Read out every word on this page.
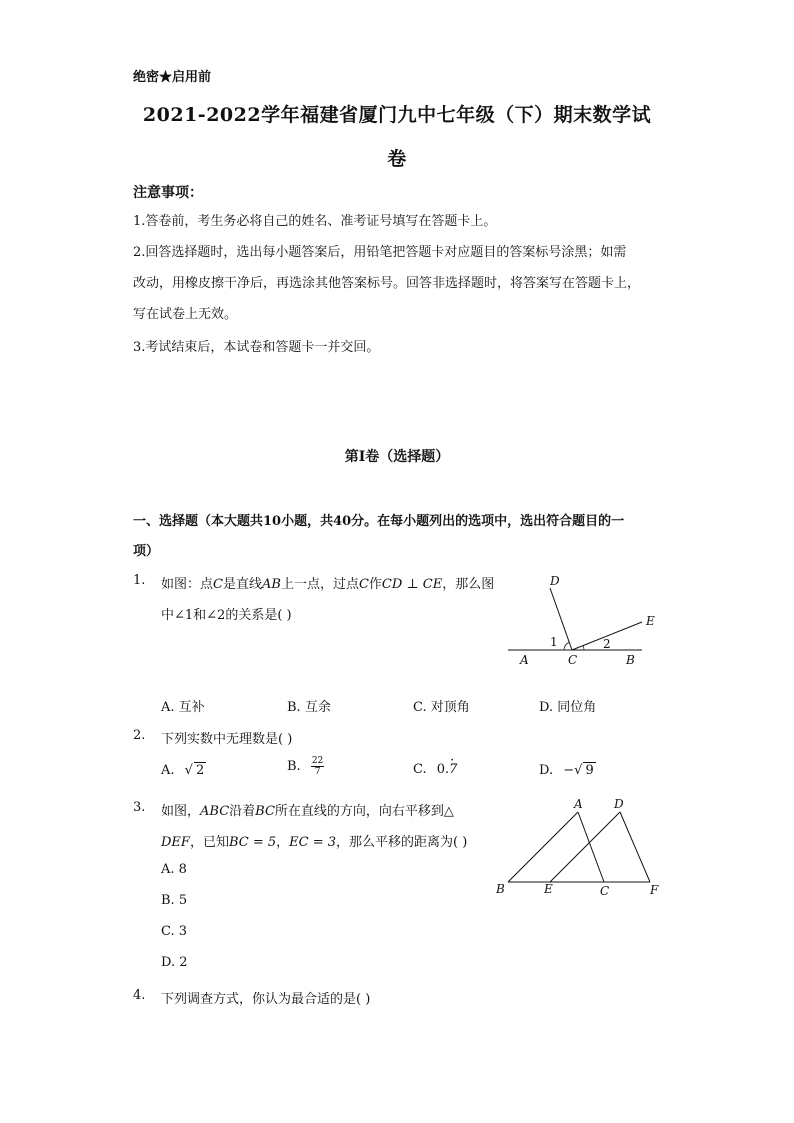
绝密★启用前
2021-2022学年福建省厦门九中七年级（下）期末数学试
卷
注意事项：
1.答卷前，考生务必将自己的姓名、准考证号填写在答题卡上。
2.回答选择题时，选出每小题答案后，用铅笔把答题卡对应题目的答案标号涂黑；如需
改动，用橡皮擦干净后，再选涂其他答案标号。回答非选择题时，将答案写在答题卡上，
写在试卷上无效。
3.考试结束后，本试卷和答题卡一并交回。
第I卷（选择题）
一、选择题（本大题共10小题，共40分。在每小题列出的选项中，选出符合题目的一
项）
1. 如图：点C是直线AB上一点，过点C作CD ⊥ CE，那么图
中∠1和∠2的关系是( )
D
E
A	C	B
1	2
A. 互补	B. 互余	C. 对顶角	D. 同位角
2. 下列实数中无理数是( )
A. √ 2	B. $\frac{22}{7}$	C. 0.· 7	D. −√ 9
3. 如图，ABC沿着BC所在直线的方向，向右平移到△
DEF，已知BC = 5，EC = 3，那么平移的距离为( )
A	D
B	E	C	F
A. 8
B. 5
C. 3
D. 2
4. 下列调查方式，你认为最合适的是( )
